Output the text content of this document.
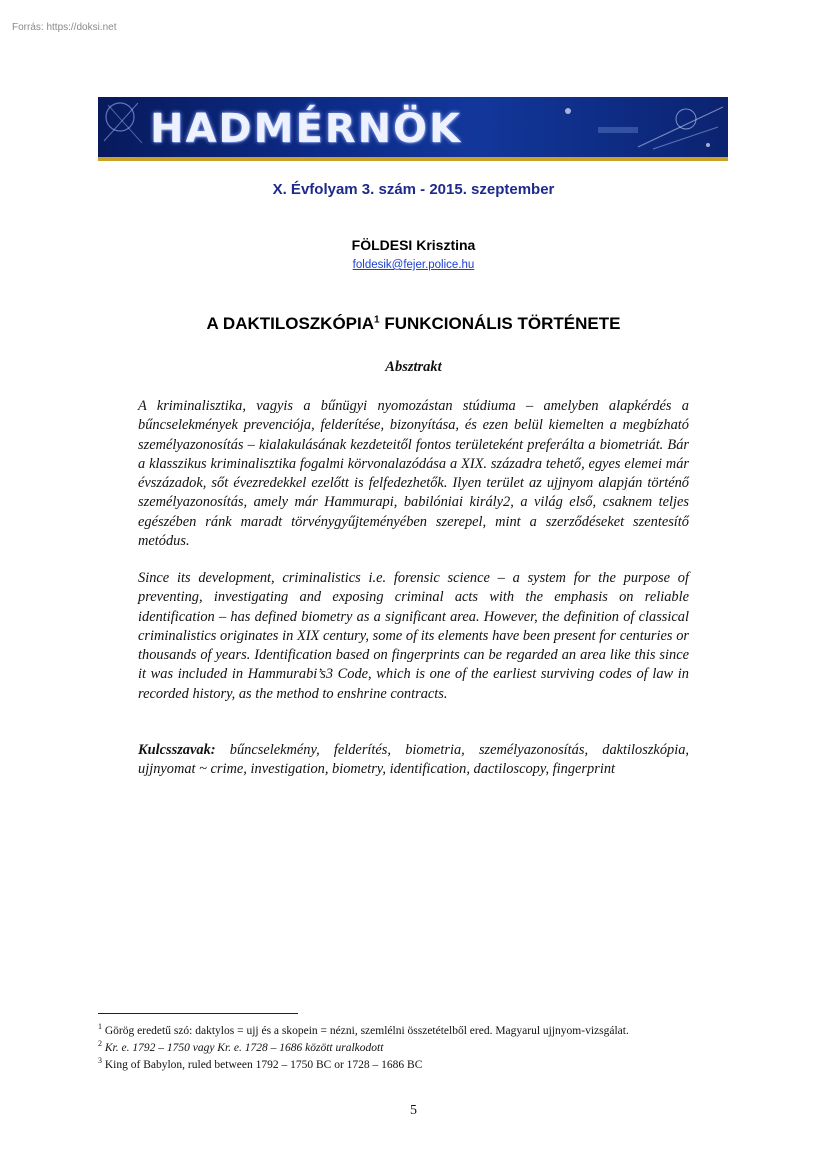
Forrás: https://doksi.net
HADMÉRNÖK
X. Évfolyam 3. szám - 2015. szeptember
FÖLDESI Krisztina
foldesik@fejer.police.hu
A DAKTILOSZKÓPIA$^1$ FUNKCIONÁLIS TÖRTÉNETE
Absztrakt
A kriminalisztika, vagyis a bűnügyi nyomozástan stúdiuma – amelyben alapkérdés a bűncselekmények prevenciója, felderítése, bizonyítása, és ezen belül kiemelten a megbízható személyazonosítás – kialakulásának kezdeteitől fontos területeként preferálta a biometriát. Bár a klasszikus kriminalisztika fogalmi körvonalazódása a XIX. századra tehető, egyes elemei már évszázadok, sőt évezredekkel ezelőtt is felfedezhetők. Ilyen terület az ujjnyom alapján történő személyazonosítás, amely már Hammurapi, babilóniai király2, a világ első, csaknem teljes egészében ránk maradt törvénygyűjteményében szerepel, mint a szerződéseket szentesítő metódus.
Since its development, criminalistics i.e. forensic science – a system for the purpose of preventing, investigating and exposing criminal acts with the emphasis on reliable identification – has defined biometry as a significant area. However, the definition of classical criminalistics originates in XIX century, some of its elements have been present for centuries or thousands of years. Identification based on fingerprints can be regarded an area like this since it was included in Hammurabi’s3 Code, which is one of the earliest surviving codes of law in recorded history, as the method to enshrine contracts.
Kulcsszavak: bűncselekmény, felderítés, biometria, személyazonosítás, daktiloszkópia, ujjnyomat ~ crime, investigation, biometry, identification, dactiloscopy, fingerprint
$^1$ Görög eredetű szó: daktylos = ujj és a skopein = nézni, szemlélni összetételből ered. Magyarul ujjnyom-vizsgálat.
$^2$ Kr. e. 1792 – 1750 vagy Kr. e. 1728 – 1686 között uralkodott
$^3$ King of Babylon, ruled between 1792 – 1750 BC or 1728 – 1686 BC
5
